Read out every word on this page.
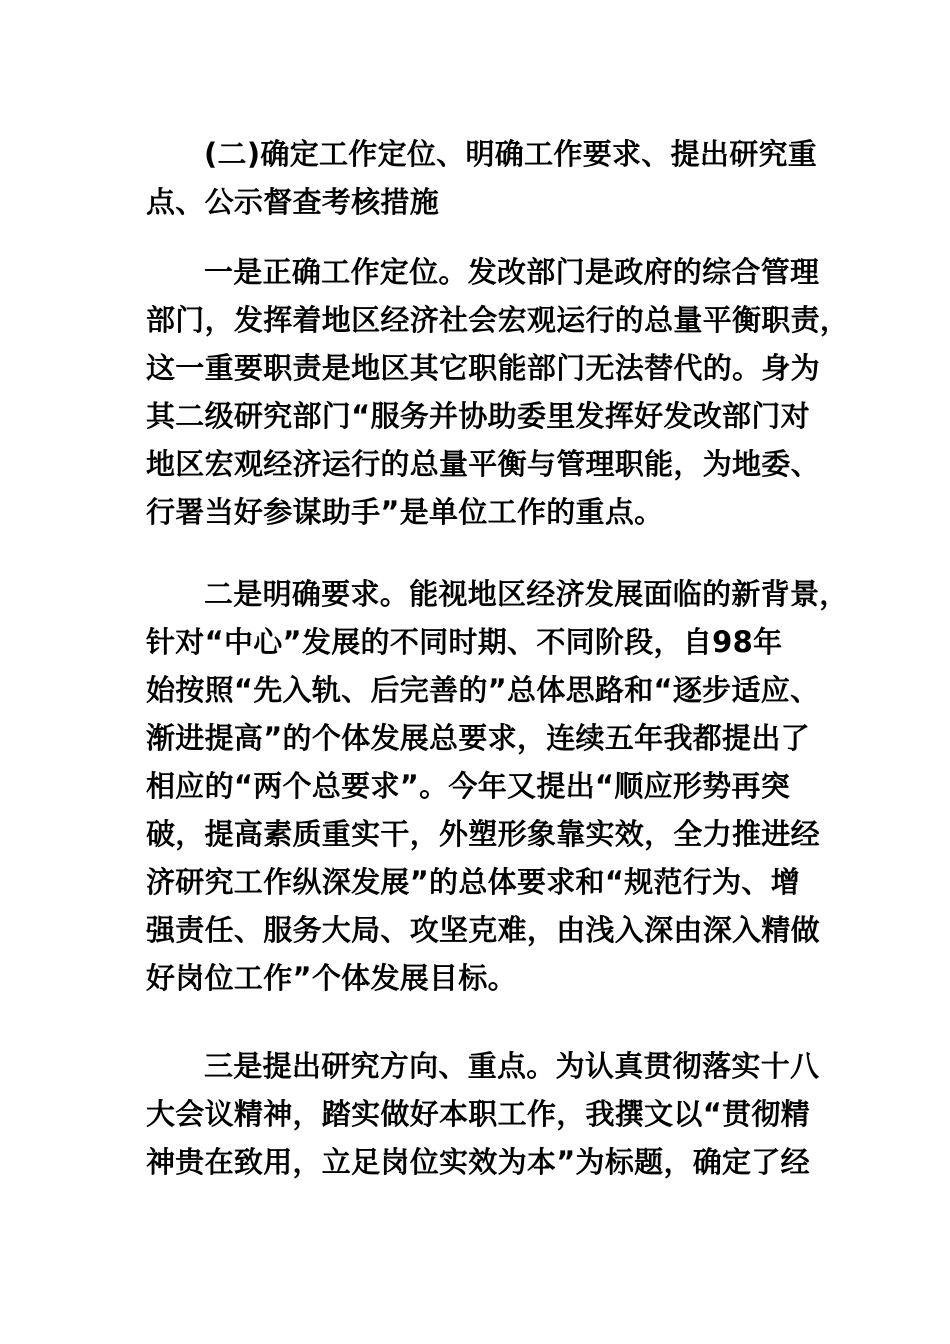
(二)确定工作定位、明确工作要求、提出研究重
点、公示督查考核措施
一是正确工作定位。发改部门是政府的综合管理
部门，发挥着地区经济社会宏观运行的总量平衡职责，
这一重要职责是地区其它职能部门无法替代的。身为
其二级研究部门“服务并协助委里发挥好发改部门对
地区宏观经济运行的总量平衡与管理职能，为地委、
行署当好参谋助手”是单位工作的重点。
二是明确要求。能视地区经济发展面临的新背景，
针对“中心”发展的不同时期、不同阶段，自98年
始按照“先入轨、后完善的”总体思路和“逐步适应、
渐进提高”的个体发展总要求，连续五年我都提出了
相应的“两个总要求”。今年又提出“顺应形势再突
破，提高素质重实干，外塑形象靠实效，全力推进经
济研究工作纵深发展”的总体要求和“规范行为、增
强责任、服务大局、攻坚克难，由浅入深由深入精做
好岗位工作”个体发展目标。
三是提出研究方向、重点。为认真贯彻落实十八
大会议精神，踏实做好本职工作，我撰文以“贯彻精
神贵在致用，立足岗位实效为本”为标题，确定了经
